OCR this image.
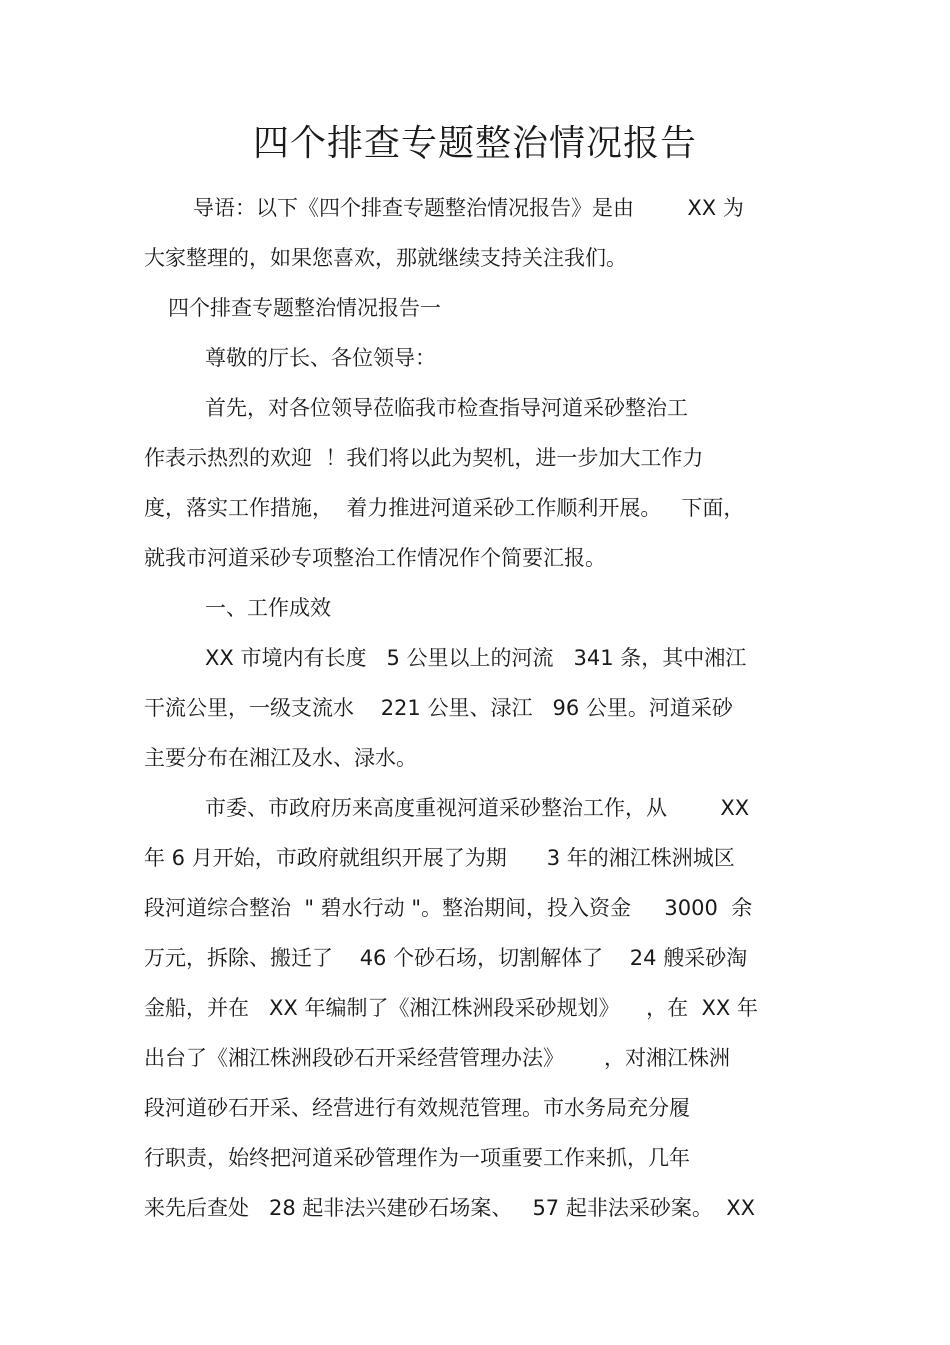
四个排查专题整治情况报告
导语：以下《四个排查专题整治情况报告》是由        XX 为
大家整理的，如果您喜欢，那就继续支持关注我们。
四个排查专题整治情况报告一
尊敬的厅长、各位领导：
首先，对各位领导莅临我市检查指导河道采砂整治工
作表示热烈的欢迎  ！我们将以此为契机，进一步加大工作力
度，落实工作措施，  着力推进河道采砂工作顺利开展。   下面，
就我市河道采砂专项整治工作情况作个简要汇报。
一、工作成效
XX 市境内有长度   5 公里以上的河流   341 条，其中湘江
干流公里，一级支流水    221 公里、渌江   96 公里。河道采砂
主要分布在湘江及水、渌水。
市委、市政府历来高度重视河道采砂整治工作，从        XX
年 6 月开始，市政府就组织开展了为期      3 年的湘江株洲城区
段河道综合整治  " 碧水行动 "。整治期间，投入资金     3000  余
万元，拆除、搬迁了    46 个砂石场，切割解体了    24 艘采砂淘
金船，并在   XX 年编制了《湘江株洲段采砂规划》    ，在  XX 年
出台了《湘江株洲段砂石开采经营管理办法》      ，对湘江株洲
段河道砂石开采、经营进行有效规范管理。市水务局充分履
行职责，始终把河道采砂管理作为一项重要工作来抓，几年
来先后查处   28 起非法兴建砂石场案、   57 起非法采砂案。  XX
